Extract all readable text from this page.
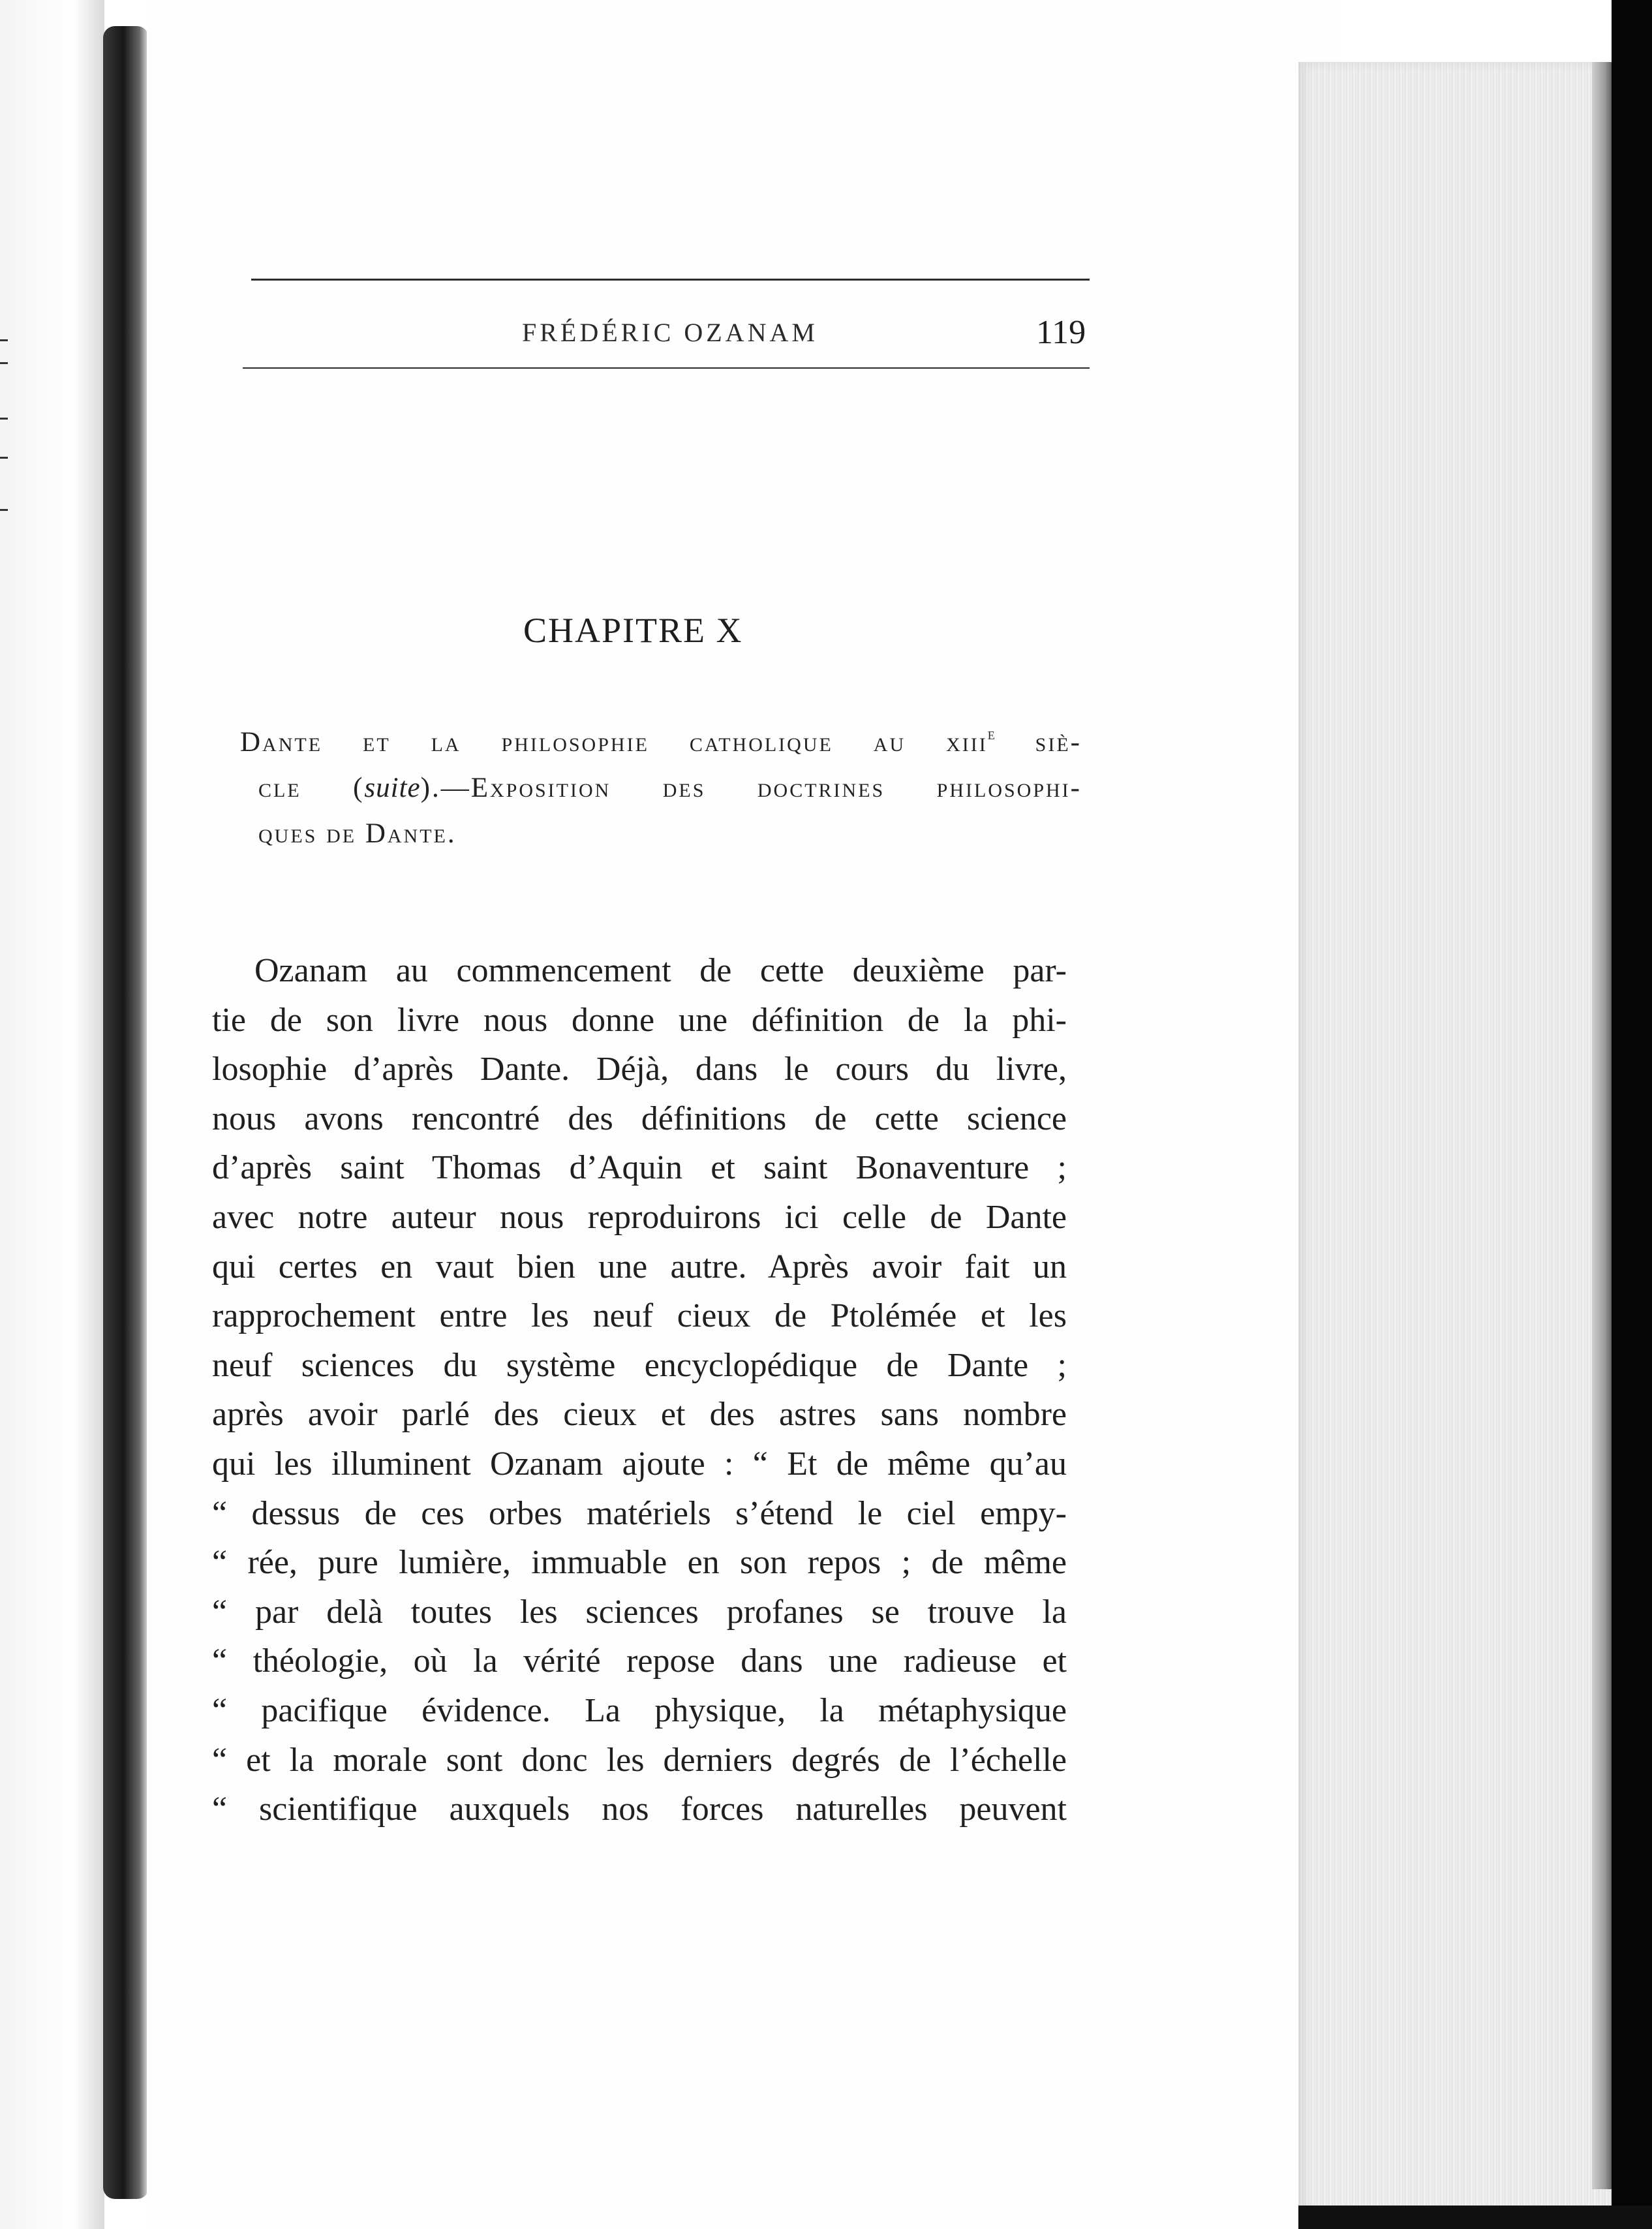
FRÉDÉRIC OZANAM	119
CHAPITRE X
Dante et la philosophie catholique au xiii$^e$ siè-
cle (suite).—Exposition des doctrines philosophi-
ques de Dante.
Ozanam au commencement de cette deuxième par-
tie de son livre nous donne une définition de la phi-
losophie d’après Dante. Déjà, dans le cours du livre,
nous avons rencontré des définitions de cette science
d’après saint Thomas d’Aquin et saint Bonaventure ;
avec notre auteur nous reproduirons ici celle de Dante
qui certes en vaut bien une autre. Après avoir fait un
rapprochement entre les neuf cieux de Ptolémée et les
neuf sciences du système encyclopédique de Dante ;
après avoir parlé des cieux et des astres sans nombre
qui les illuminent Ozanam ajoute : “ Et de même qu’au
“ dessus de ces orbes matériels s’étend le ciel empy-
“ rée, pure lumière, immuable en son repos ; de même
“ par delà toutes les sciences profanes se trouve la
“ théologie, où la vérité repose dans une radieuse et
“ pacifique évidence. La physique, la métaphysique
“ et la morale sont donc les derniers degrés de l’échelle
“ scientifique auxquels nos forces naturelles peuvent
